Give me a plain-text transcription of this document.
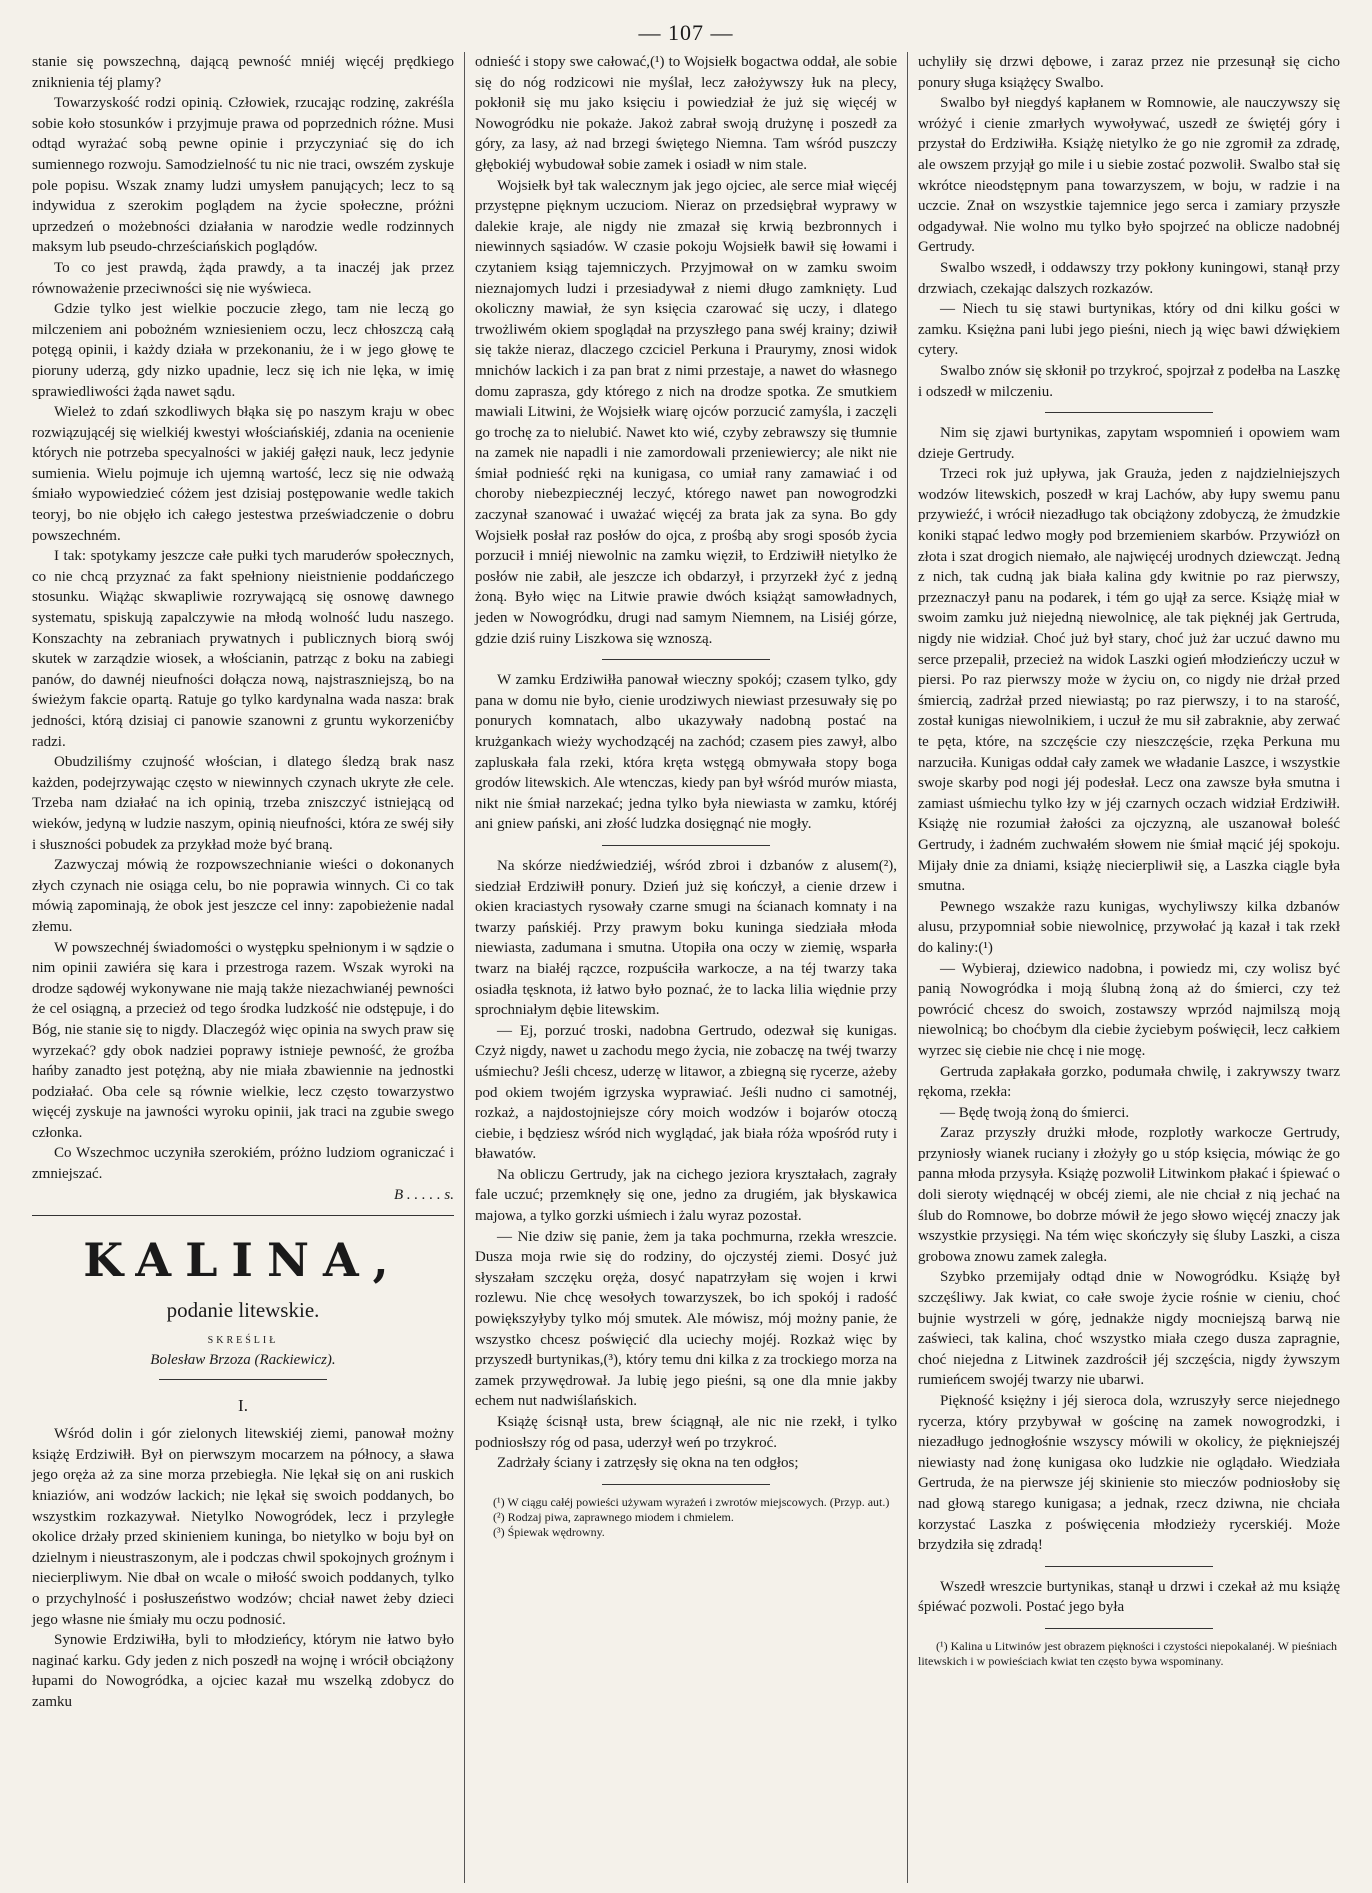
— 107 —

stanie się powszechną, dającą pewność mniéj więcéj prędkiego zniknienia téj plamy?

Towarzyskość rodzi opinią. Człowiek, rzucając rodzinę, zakréśla sobie koło stosunków i przyjmuje prawa od poprzednich różne. Musi odtąd wyrażać sobą pewne opinie i przyczyniać się do ich sumiennego rozwoju. Samodzielność tu nic nie traci, owszém zyskuje pole popisu. Wszak znamy ludzi umysłem panujących; lecz to są indywidua z szerokim poglądem na życie społeczne, próżni uprzedzeń o możebności działania w narodzie wedle rodzinnych maksym lub pseudo-chrześciańskich poglądów.

To co jest prawdą, żąda prawdy, a ta inaczéj jak przez równoważenie przeciwności się nie wyświeca.

Gdzie tylko jest wielkie poczucie złego, tam nie leczą go milczeniem ani pobożném wzniesieniem oczu, lecz chłoszczą całą potęgą opinii, i każdy działa w przekonaniu, że i w jego głowę te pioruny uderzą, gdy nizko upadnie, lecz się ich nie lęka, w imię sprawiedliwości żąda nawet sądu.

Wieleż to zdań szkodliwych błąka się po naszym kraju w obec rozwiązującéj się wielkiéj kwestyi włościańskiéj, zdania na ocenienie których nie potrzeba specyalności w jakiéj gałęzi nauk, lecz jedynie sumienia. Wielu pojmuje ich ujemną wartość, lecz się nie odważą śmiało wypowiedzieć cóżem jest dzisiaj postępowanie wedle takich teoryj, bo nie objęło ich całego jestestwa przeświadczenie o dobru powszechném.

I tak: spotykamy jeszcze całe pułki tych maruderów społecznych, co nie chcą przyznać za fakt spełniony nieistnienie poddańczego stosunku. Wiążąc skwapliwie rozrywającą się osnowę dawnego systematu, spiskują zapalczywie na młodą wolność ludu naszego. Konszachty na zebraniach prywatnych i publicznych biorą swój skutek w zarządzie wiosek, a włościanin, patrząc z boku na zabiegi panów, do dawnéj nieufności dołącza nową, najstraszniejszą, bo na świeżym fakcie opartą. Ratuje go tylko kardynalna wada nasza: brak jedności, którą dzisiaj ci panowie szanowni z gruntu wykorzenićby radzi.

Obudziliśmy czujność włościan, i dlatego śledzą brak nasz każden, podejrzywając często w niewinnych czynach ukryte złe cele. Trzeba nam działać na ich opinią, trzeba zniszczyć istniejącą od wieków, jedyną w ludzie naszym, opinią nieufności, która ze swéj siły i słuszności pobudek za przykład może być braną.

Zazwyczaj mówią że rozpowszechnianie wieści o dokonanych złych czynach nie osiąga celu, bo nie poprawia winnych. Ci co tak mówią zapominają, że obok jest jeszcze cel inny: zapobieżenie nadal złemu.

W powszechnéj świadomości o występku spełnionym i w sądzie o nim opinii zawiéra się kara i przestroga razem. Wszak wyroki na drodze sądowéj wykonywane nie mają także niezachwianéj pewności że cel osiągną, a przecież od tego środka ludzkość nie odstępuje, i do Bóg, nie stanie się to nigdy. Dlaczegóż więc opinia na swych praw się wyrzekać? gdy obok nadziei poprawy istnieje pewność, że groźba hańby zanadto jest potężną, aby nie miała zbawiennie na jednostki podziałać. Oba cele są równie wielkie, lecz często towarzystwo więcéj zyskuje na jawności wyroku opinii, jak traci na zgubie swego członka.

Co Wszechmoc uczyniła szerokiém, próżno ludziom ograniczać i zmniejszać.

B . . . . . s.

KALINA,
podanie litewskie.
SKREŚLIŁ
Bolesław Brzoza (Rackiewicz).
I.

Wśród dolin i gór zielonych litewskiéj ziemi, panował możny książę Erdziwiłł. Był on pierwszym mocarzem na północy, a sława jego oręża aż za sine morza przebiegła. Nie lękał się on ani ruskich kniaziów, ani wodzów lackich; nie lękał się swoich poddanych, bo wszystkim rozkazywał. Nietylko Nowogródek, lecz i przyległe okolice drżały przed skinieniem kuninga, bo nietylko w boju był on dzielnym i nieustraszonym, ale i podczas chwil spokojnych groźnym i niecierpliwym. Nie dbał on wcale o miłość swoich poddanych, tylko o przychylność i posłuszeństwo wodzów; chciał nawet żeby dzieci jego własne nie śmiały mu oczu podnosić.

Synowie Erdziwiłła, byli to młodzieńcy, którym nie łatwo było naginać karku. Gdy jeden z nich poszedł na wojnę i wrócił obciążony łupami do Nowogródka, a ojciec kazał mu wszelką zdobycz do zamku

odnieść i stopy swe całować,(¹) to Wojsiełk bogactwa oddał, ale sobie się do nóg rodzicowi nie myślał, lecz założywszy łuk na plecy, pokłonił się mu jako księciu i powiedział że już się więcéj w Nowogródku nie pokaże. Jakoż zabrał swoją drużynę i poszedł za góry, za lasy, aż nad brzegi świętego Niemna. Tam wśród puszczy głębokiéj wybudował sobie zamek i osiadł w nim stale.

Wojsiełk był tak walecznym jak jego ojciec, ale serce miał więcéj przystępne pięknym uczuciom. Nieraz on przedsiębrał wyprawy w dalekie kraje, ale nigdy nie zmazał się krwią bezbronnych i niewinnych sąsiadów. W czasie pokoju Wojsiełk bawił się łowami i czytaniem ksiąg tajemniczych. Przyjmował on w zamku swoim nieznajomych ludzi i przesiadywał z niemi długo zamknięty. Lud okoliczny mawiał, że syn księcia czarować się uczy, i dlatego trwożliwém okiem spoglądał na przyszłego pana swéj krainy; dziwił się także nieraz, dlaczego czciciel Perkuna i Praurymy, znosi widok mnichów lackich i za pan brat z nimi przestaje, a nawet do własnego domu zaprasza, gdy którego z nich na drodze spotka. Ze smutkiem mawiali Litwini, że Wojsiełk wiarę ojców porzucić zamyśla, i zaczęli go trochę za to nielubić. Nawet kto wié, czyby zebrawszy się tłumnie na zamek nie napadli i nie zamordowali przeniewiercy; ale nikt nie śmiał podnieść ręki na kunigasa, co umiał rany zamawiać i od choroby niebezpiecznéj leczyć, którego nawet pan nowogrodzki zaczynał szanować i uważać więcéj za brata jak za syna. Bo gdy Wojsiełk posłał raz posłów do ojca, z prośbą aby srogi sposób życia porzucił i mniéj niewolnic na zamku więził, to Erdziwiłł nietylko że posłów nie zabił, ale jeszcze ich obdarzył, i przyrzekł żyć z jedną żoną. Było więc na Litwie prawie dwóch książąt samowładnych, jeden w Nowogródku, drugi nad samym Niemnem, na Lisiéj górze, gdzie dziś ruiny Liszkowa się wznoszą.

W zamku Erdziwiłła panował wieczny spokój; czasem tylko, gdy pana w domu nie było, cienie urodziwych niewiast przesuwały się po ponurych komnatach, albo ukazywały nadobną postać na krużgankach wieży wychodzącéj na zachód; czasem pies zawył, albo zapluskała fala rzeki, która kręta wstęgą obmywała stopy boga grodów litewskich. Ale wtenczas, kiedy pan był wśród murów miasta, nikt nie śmiał narzekać; jedna tylko była niewiasta w zamku, któréj ani gniew pański, ani złość ludzka dosięgnąć nie mogły.

Na skórze niedźwiedziéj, wśród zbroi i dzbanów z alusem(²), siedział Erdziwiłł ponury. Dzień już się kończył, a cienie drzew i okien kraciastych rysowały czarne smugi na ścianach komnaty i na twarzy pańskiéj. Przy prawym boku kuninga siedziała młoda niewiasta, zadumana i smutna. Utopiła ona oczy w ziemię, wsparła twarz na białéj rączce, rozpuściła warkocze, a na téj twarzy taka osiadła tęsknota, iż łatwo było poznać, że to lacka lilia więdnie przy sprochniałym dębie litewskim.

— Ej, porzuć troski, nadobna Gertrudo, odezwał się kunigas. Czyż nigdy, nawet u zachodu mego życia, nie zobaczę na twéj twarzy uśmiechu? Jeśli chcesz, uderzę w litawor, a zbiegną się rycerze, ażeby pod okiem twojém igrzyska wyprawiać. Jeśli nudno ci samotnéj, rozkaż, a najdostojniejsze córy moich wodzów i bojarów otoczą ciebie, i będziesz wśród nich wyglądać, jak biała róża wpośród ruty i bławatów.

Na obliczu Gertrudy, jak na cichego jeziora kryształach, zagrały fale uczuć; przemknęły się one, jedno za drugiém, jak błyskawica majowa, a tylko gorzki uśmiech i żalu wyraz pozostał.

— Nie dziw się panie, żem ja taka pochmurna, rzekła wreszcie. Dusza moja rwie się do rodziny, do ojczystéj ziemi. Dosyć już słyszałam szczęku oręża, dosyć napatrzyłam się wojen i krwi rozlewu. Nie chcę wesołych towarzyszek, bo ich spokój i radość powiększyłyby tylko mój smutek. Ale mówisz, mój możny panie, że wszystko chcesz poświęcić dla uciechy mojéj. Rozkaż więc by przyszedł burtynikas,(³), który temu dni kilka z za trockiego morza na zamek przywędrował. Ja lubię jego pieśni, są one dla mnie jakby echem nut nadwiślańskich.

Książę ścisnął usta, brew ściągnął, ale nic nie rzekł, i tylko podniosłszy róg od pasa, uderzył weń po trzykroć.

Zadrżały ściany i zatrzęsły się okna na ten odgłos;

(¹) W ciągu całéj powieści używam wyrażeń i zwrotów miejscowych. (Przyp. aut.)

(²) Rodzaj piwa, zaprawnego miodem i chmielem.

(³) Śpiewak wędrowny.

uchyliły się drzwi dębowe, i zaraz przez nie przesunął się cicho ponury sługa książęcy Swalbo.

Swalbo był niegdyś kapłanem w Romnowie, ale nauczywszy się wróżyć i cienie zmarłych wywoływać, uszedł ze świętéj góry i przystał do Erdziwiłła. Książę nietylko że go nie zgromił za zdradę, ale owszem przyjął go mile i u siebie zostać pozwolił. Swalbo stał się wkrótce nieodstępnym pana towarzyszem, w boju, w radzie i na uczcie. Znał on wszystkie tajemnice jego serca i zamiary przyszłe odgadywał. Nie wolno mu tylko było spojrzeć na oblicze nadobnéj Gertrudy.

Swalbo wszedł, i oddawszy trzy pokłony kuningowi, stanął przy drzwiach, czekając dalszych rozkazów.

— Niech tu się stawi burtynikas, który od dni kilku gości w zamku. Księżna pani lubi jego pieśni, niech ją więc bawi dźwiękiem cytery.

Swalbo znów się skłonił po trzykroć, spojrzał z podełba na Laszkę i odszedł w milczeniu.

Nim się zjawi burtynikas, zapytam wspomnień i opowiem wam dzieje Gertrudy.

Trzeci rok już upływa, jak Grauża, jeden z najdzielniejszych wodzów litewskich, poszedł w kraj Lachów, aby łupy swemu panu przywieźć, i wrócił niezadługo tak obciążony zdobyczą, że żmudzkie koniki stąpać ledwo mogły pod brzemieniem skarbów. Przywiózł on złota i szat drogich niemało, ale najwięcéj urodnych dziewcząt. Jedną z nich, tak cudną jak biała kalina gdy kwitnie po raz pierwszy, przeznaczył panu na podarek, i tém go ujął za serce. Książę miał w swoim zamku już niejedną niewolnicę, ale tak pięknéj jak Gertruda, nigdy nie widział. Choć już był stary, choć już żar uczuć dawno mu serce przepalił, przecież na widok Laszki ogień młodzieńczy uczuł w piersi. Po raz pierwszy może w życiu on, co nigdy nie drżał przed śmiercią, zadrżał przed niewiastą; po raz pierwszy, i to na starość, został kunigas niewolnikiem, i uczuł że mu sił zabraknie, aby zerwać te pęta, które, na szczęście czy nieszczęście, rzęka Perkuna mu narzuciła. Kunigas oddał cały zamek we władanie Laszce, i wszystkie swoje skarby pod nogi jéj podesłał. Lecz ona zawsze była smutna i zamiast uśmiechu tylko łzy w jéj czarnych oczach widział Erdziwiłł. Książę nie rozumiał żałości za ojczyzną, ale uszanował boleść Gertrudy, i żadném zuchwałém słowem nie śmiał mącić jéj spokoju. Mijały dnie za dniami, książę niecierpliwił się, a Laszka ciągle była smutna.

Pewnego wszakże razu kunigas, wychyliwszy kilka dzbanów alusu, przypomniał sobie niewolnicę, przywołać ją kazał i tak rzekł do kaliny:(¹)

— Wybieraj, dziewico nadobna, i powiedz mi, czy wolisz być panią Nowogródka i moją ślubną żoną aż do śmierci, czy też powrócić chcesz do swoich, zostawszy wprzód najmilszą moją niewolnicą; bo choćbym dla ciebie życiebym poświęcił, lecz całkiem wyrzec się ciebie nie chcę i nie mogę.

Gertruda zapłakała gorzko, podumała chwilę, i zakrywszy twarz rękoma, rzekła:

— Będę twoją żoną do śmierci.

Zaraz przyszły drużki młode, rozplotły warkocze Gertrudy, przyniosły wianek ruciany i złożyły go u stóp księcia, mówiąc że go panna młoda przysyła. Książę pozwolił Litwinkom płakać i śpiewać o doli sieroty więdnącéj w obcéj ziemi, ale nie chciał z nią jechać na ślub do Romnowe, bo dobrze mówił że jego słowo więcéj znaczy jak wszystkie przysięgi. Na tém więc skończyły się śluby Laszki, a cisza grobowa znowu zamek zaległa.

Szybko przemijały odtąd dnie w Nowogródku. Książę był szczęśliwy. Jak kwiat, co całe swoje życie rośnie w cieniu, choć bujnie wystrzeli w górę, jednakże nigdy mocniejszą barwą nie zaświeci, tak kalina, choć wszystko miała czego dusza zapragnie, choć niejedna z Litwinek zazdrościł jéj szczęścia, nigdy żywszym rumieńcem swojéj twarzy nie ubarwi.

Piękność księżny i jéj sieroca dola, wzruszyły serce niejednego rycerza, który przybywał w gościnę na zamek nowogrodzki, i niezadługo jednogłośnie wszyscy mówili w okolicy, że piękniejszéj niewiasty nad żonę kunigasa oko ludzkie nie oglądało. Wiedziała Gertruda, że na pierwsze jéj skinienie sto mieczów podniosłoby się nad głową starego kunigasa; a jednak, rzecz dziwna, nie chciała korzystać Laszka z poświęcenia młodzieży rycerskiéj. Może brzydziła się zdradą!

Wszedł wreszcie burtynikas, stanął u drzwi i czekał aż mu książę śpiéwać pozwoli. Postać jego była

(¹) Kalina u Litwinów jest obrazem piękności i czystości niepokalanéj. W pieśniach litewskich i w powieściach kwiat ten często bywa wspominany.
